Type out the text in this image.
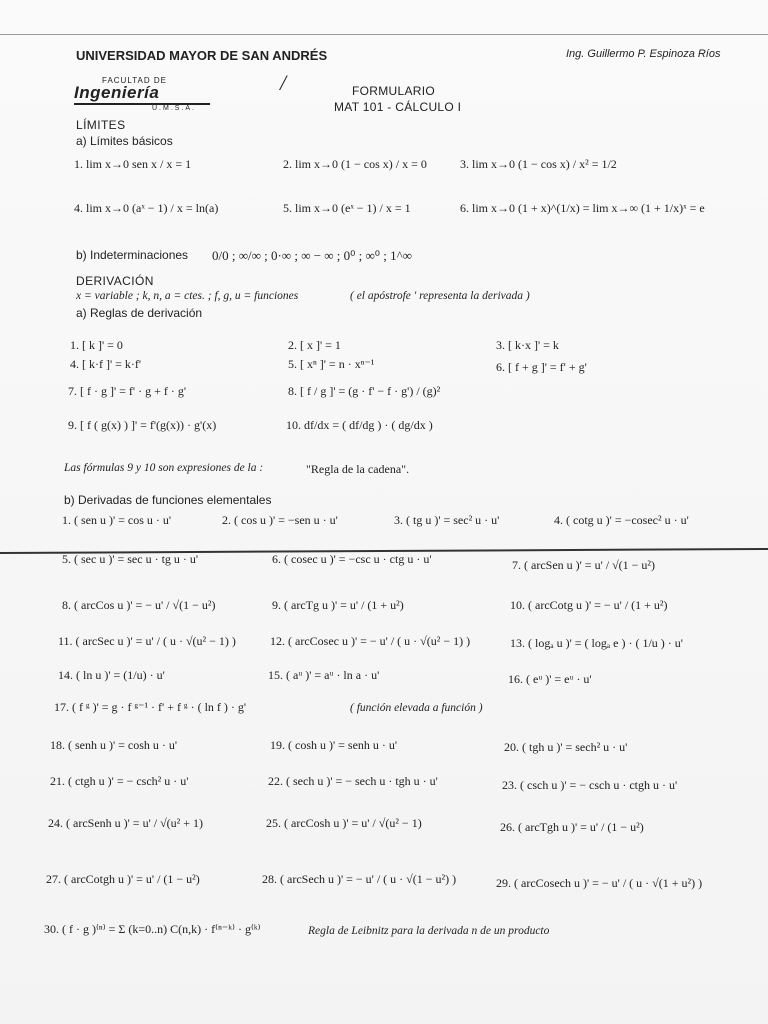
UNIVERSIDAD MAYOR DE SAN ANDRÉS	Ing. Guillermo P. Espinoza Ríos
FACULTAD DE
Ingeniería
U.M.S.A.
/	FORMULARIO
MAT 101 - CÁLCULO I
LÍMITES
a) Límites básicos
1. lim x→0 sen x / x = 1	2. lim x→0 (1 − cos x) / x = 0	3. lim x→0 (1 − cos x) / x² = 1/2
4. lim x→0 (aˣ − 1) / x = ln(a)	5. lim x→0 (eˣ − 1) / x = 1	6. lim x→0 (1 + x)^(1/x) = lim x→∞ (1 + 1/x)ˣ = e
b) Indeterminaciones 0/0 ; ∞/∞ ; 0·∞ ; ∞ − ∞ ; 0⁰ ; ∞⁰ ; 1^∞
DERIVACIÓN
x = variable ; k, n, a = ctes. ; f, g, u = funciones	( el apóstrofe ' representa la derivada )
a) Reglas de derivación
1. [ k ]' = 0	2. [ x ]' = 1	3. [ k·x ]' = k
4. [ k·f ]' = k·f'	5. [ xⁿ ]' = n · xⁿ⁻¹	6. [ f + g ]' = f' + g'
7. [ f · g ]' = f' · g + f · g'	8. [ f / g ]' = (g · f' − f · g') / (g)²
9. [ f ( g(x) ) ]' = f'(g(x)) · g'(x)	10. df/dx = ( df/dg ) · ( dg/dx )
Las fórmulas 9 y 10 son expresiones de la :	"Regla de la cadena".
b) Derivadas de funciones elementales
1. ( sen u )' = cos u · u'	2. ( cos u )' = −sen u · u'	3. ( tg u )' = sec² u · u'	4. ( cotg u )' = −cosec² u · u'
5. ( sec u )' = sec u · tg u · u'	6. ( cosec u )' = −csc u · ctg u · u'	7. ( arcSen u )' = u' / √(1 − u²)
8. ( arcCos u )' = − u' / √(1 − u²)	9. ( arcTg u )' = u' / (1 + u²)	10. ( arcCotg u )' = − u' / (1 + u²)
11. ( arcSec u )' = u' / ( u · √(u² − 1) )	12. ( arcCosec u )' = − u' / ( u · √(u² − 1) )	13. ( logₐ u )' = ( logₐ e ) · ( 1/u ) · u'
14. ( ln u )' = (1/u) · u'	15. ( aᵘ )' = aᵘ · ln a · u'	16. ( eᵘ )' = eᵘ · u'
17. ( f ᵍ )' = g · f ᵍ⁻¹ · f' + f ᵍ · ( ln f ) · g'	( función elevada a función )
18. ( senh u )' = cosh u · u'	19. ( cosh u )' = senh u · u'	20. ( tgh u )' = sech² u · u'
21. ( ctgh u )' = − csch² u · u'	22. ( sech u )' = − sech u · tgh u · u'	23. ( csch u )' = − csch u · ctgh u · u'
24. ( arcSenh u )' = u' / √(u² + 1)	25. ( arcCosh u )' = u' / √(u² − 1)	26. ( arcTgh u )' = u' / (1 − u²)
27. ( arcCotgh u )' = u' / (1 − u²)	28. ( arcSech u )' = − u' / ( u · √(1 − u²) )	29. ( arcCosech u )' = − u' / ( u · √(1 + u²) )
30. ( f · g )⁽ⁿ⁾ = Σ (k=0..n) C(n,k) · f⁽ⁿ⁻ᵏ⁾ · g⁽ᵏ⁾	Regla de Leibnitz para la derivada n de un producto
